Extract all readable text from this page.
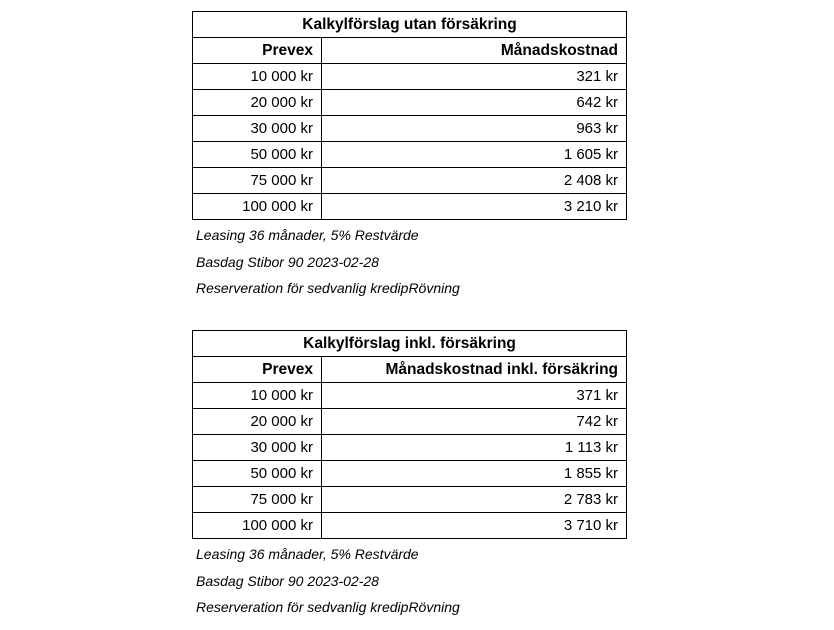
Kalkylförslag utan försäkring	
Prevex	Månadskostnad
10 000 kr	321 kr
20 000 kr	642 kr
30 000 kr	963 kr
50 000 kr	1 605 kr
75 000 kr	2 408 kr
100 000 kr	3 210 kr
Leasing 36 månader, 5% Restvärde
Basdag Stibor 90 2023-02-28
Reserveration för sedvanlig kredipRövning
Kalkylförslag inkl. försäkring	
Prevex	Månadskostnad inkl. försäkring
10 000 kr	371 kr
20 000 kr	742 kr
30 000 kr	1 113 kr
50 000 kr	1 855 kr
75 000 kr	2 783 kr
100 000 kr	3 710 kr
Leasing 36 månader, 5% Restvärde
Basdag Stibor 90 2023-02-28
Reserveration för sedvanlig kredipRövning
